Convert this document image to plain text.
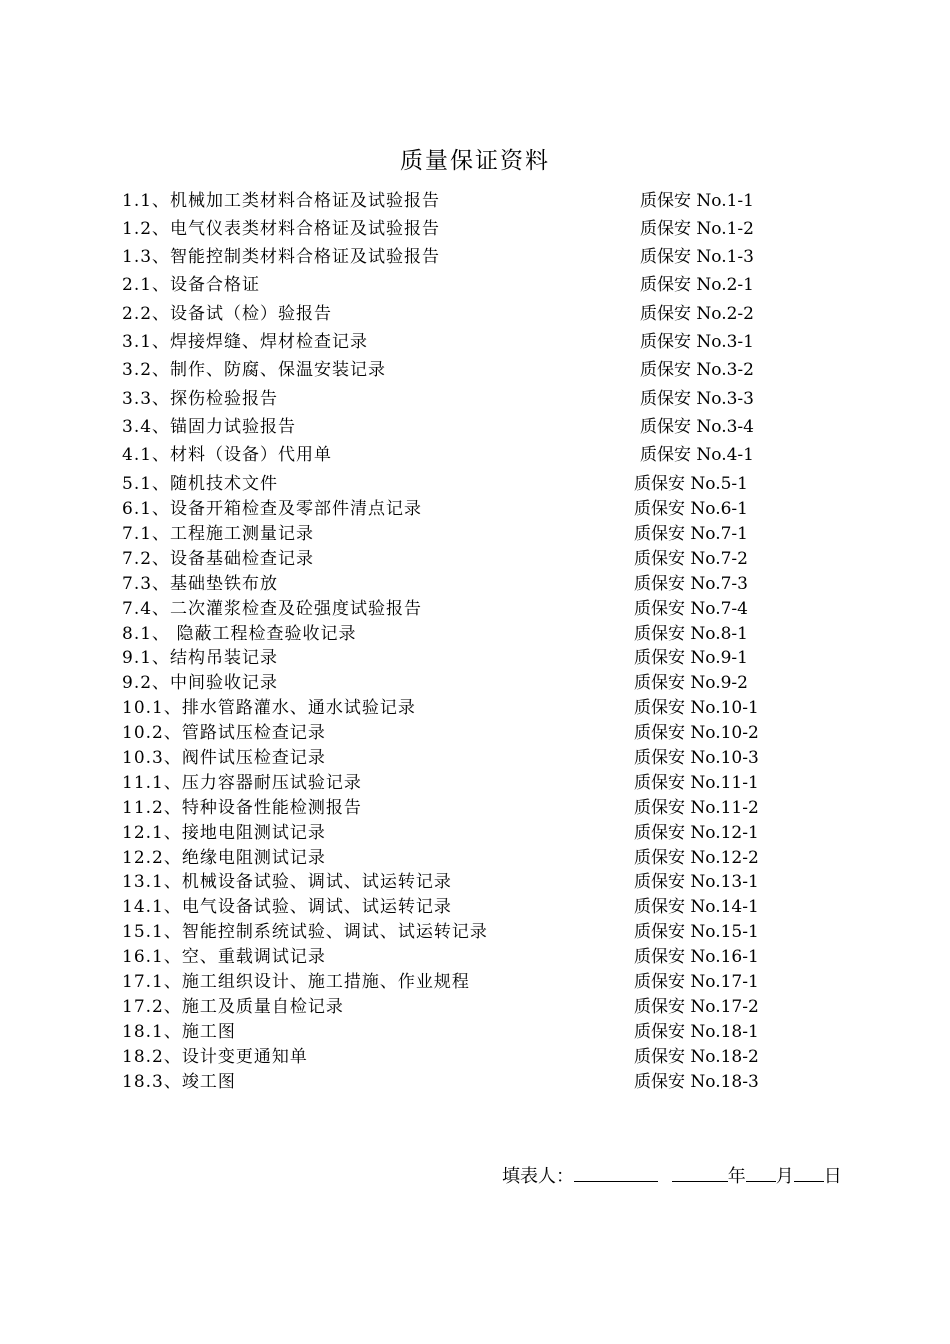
质量保证资料
1.1、机械加工类材料合格证及试验报告	质保安 No.1-1
1.2、电气仪表类材料合格证及试验报告	质保安 No.1-2
1.3、智能控制类材料合格证及试验报告	质保安 No.1-3
2.1、设备合格证	质保安 No.2-1
2.2、设备试（检）验报告	质保安 No.2-2
3.1、焊接焊缝、焊材检查记录	质保安 No.3-1
3.2、制作、防腐、保温安装记录	质保安 No.3-2
3.3、探伤检验报告	质保安 No.3-3
3.4、锚固力试验报告	质保安 No.3-4
4.1、材料（设备）代用单	质保安 No.4-1
5.1、随机技术文件	质保安 No.5-1
6.1、设备开箱检查及零部件清点记录	质保安 No.6-1
7.1、工程施工测量记录	质保安 No.7-1
7.2、设备基础检查记录	质保安 No.7-2
7.3、基础垫铁布放	质保安 No.7-3
7.4、二次灌浆检查及砼强度试验报告	质保安 No.7-4
8.1、 隐蔽工程检查验收记录	质保安 No.8-1
9.1、结构吊装记录	质保安 No.9-1
9.2、中间验收记录	质保安 No.9-2
10.1、排水管路灌水、通水试验记录	质保安 No.10-1
10.2、管路试压检查记录	质保安 No.10-2
10.3、阀件试压检查记录	质保安 No.10-3
11.1、压力容器耐压试验记录	质保安 No.11-1
11.2、特种设备性能检测报告	质保安 No.11-2
12.1、接地电阻测试记录	质保安 No.12-1
12.2、绝缘电阻测试记录	质保安 No.12-2
13.1、机械设备试验、调试、试运转记录	质保安 No.13-1
14.1、电气设备试验、调试、试运转记录	质保安 No.14-1
15.1、智能控制系统试验、调试、试运转记录	质保安 No.15-1
16.1、空、重载调试记录	质保安 No.16-1
17.1、施工组织设计、施工措施、作业规程	质保安 No.17-1
17.2、施工及质量自检记录	质保安 No.17-2
18.1、施工图	质保安 No.18-1
18.2、设计变更通知单	质保安 No.18-2
18.3、竣工图	质保安 No.18-3
填表人：	年 月 日
